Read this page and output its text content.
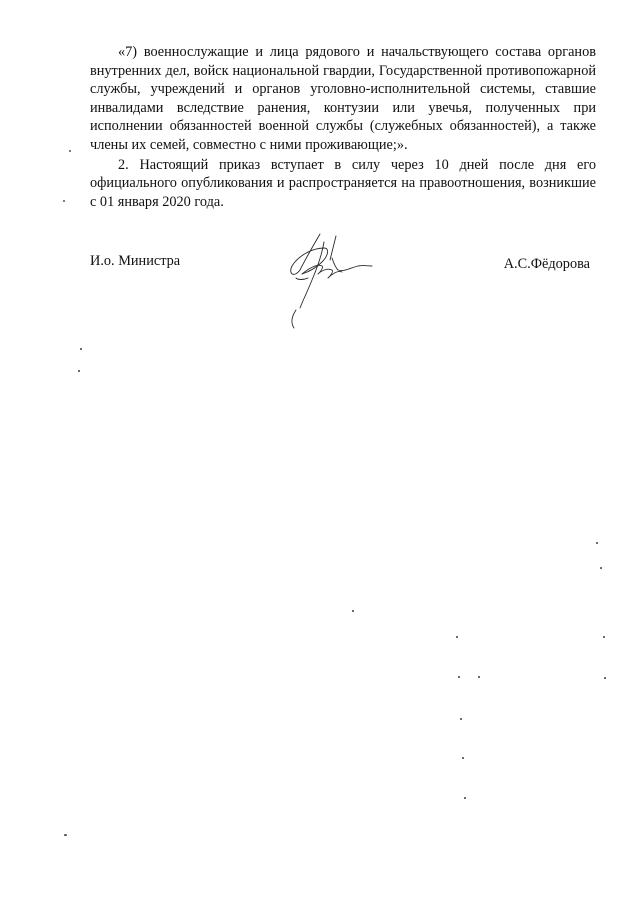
«7) военнослужащие и лица рядового и начальствующего состава органов внутренних дел, войск национальной гвардии, Государственной противопожарной службы, учреждений и органов уголовно-исполнительной системы, ставшие инвалидами вследствие ранения, контузии или увечья, полученных при исполнении обязанностей военной службы (служебных обязанностей), а также члены их семей, совместно с ними проживающие;».

2. Настоящий приказ вступает в силу через 10 дней после дня его официального опубликования и распространяется на правоотношения, возникшие с 01 января 2020 года.

И.о. Министра	А.С.Фёдорова
